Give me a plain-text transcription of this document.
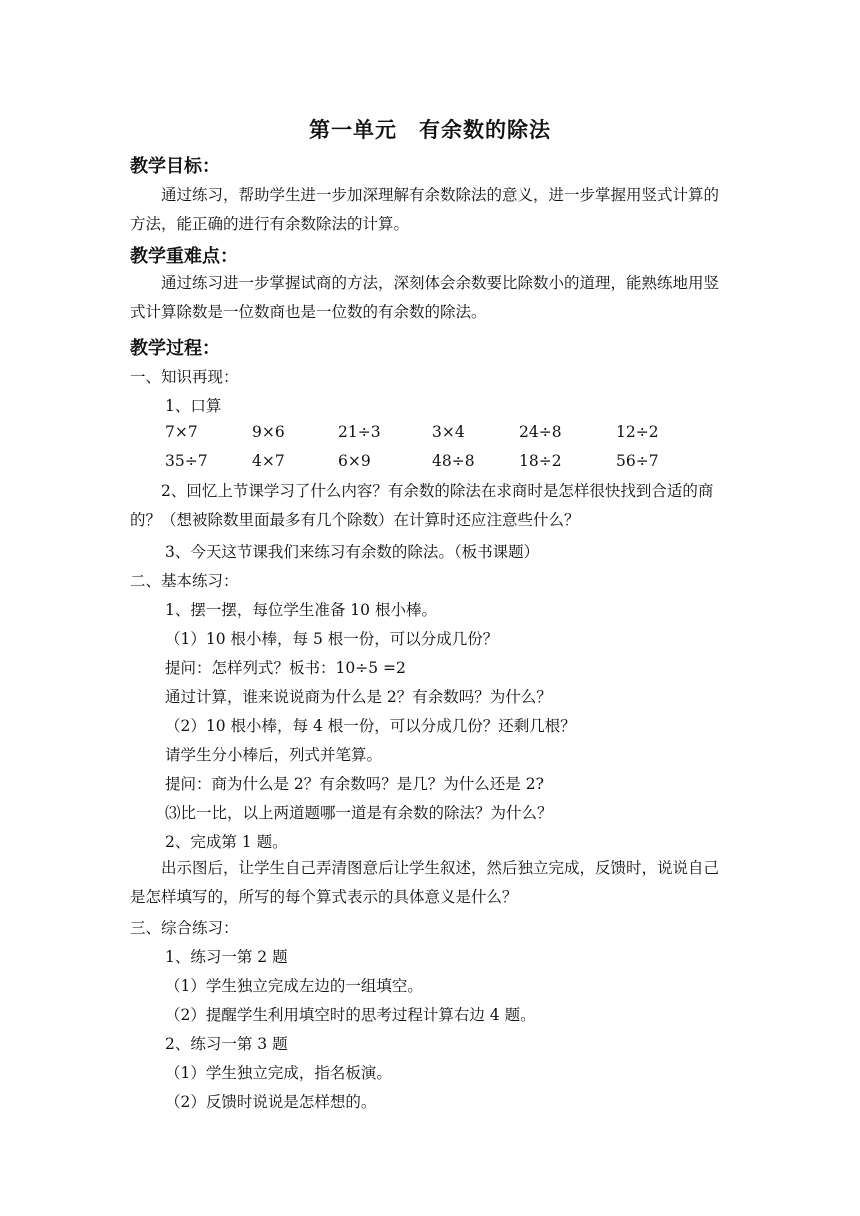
第一单元　有余数的除法
教学目标：
通过练习，帮助学生进一步加深理解有余数除法的意义，进一步掌握用竖式计算的方法，能正确的进行有余数除法的计算。
教学重难点：
通过练习进一步掌握试商的方法，深刻体会余数要比除数小的道理，能熟练地用竖式计算除数是一位数商也是一位数的有余数的除法。
教学过程：
一、知识再现：
1、口算
7×7	9×6	21÷3	3×4	24÷8	12÷2
35÷7	4×7	6×9	48÷8	18÷2	56÷7
2、回忆上节课学习了什么内容？有余数的除法在求商时是怎样很快找到合适的商的？（想被除数里面最多有几个除数）在计算时还应注意些什么？
3、今天这节课我们来练习有余数的除法。（板书课题）
二、基本练习：
1、摆一摆，每位学生准备 10 根小棒。
（1）10 根小棒，每 5 根一份，可以分成几份？
提问：怎样列式？板书：10÷5 =2
通过计算，谁来说说商为什么是 2？有余数吗？为什么？
（2）10 根小棒，每 4 根一份，可以分成几份？还剩几根？
请学生分小棒后，列式并笔算。
提问：商为什么是 2？有余数吗？是几？为什么还是 2?
⑶比一比，以上两道题哪一道是有余数的除法？为什么？
2、完成第 1 题。
出示图后，让学生自己弄清图意后让学生叙述，然后独立完成，反馈时，说说自己是怎样填写的，所写的每个算式表示的具体意义是什么？
三、综合练习：
1、练习一第 2 题
（1）学生独立完成左边的一组填空。
（2）提醒学生利用填空时的思考过程计算右边 4 题。
2、练习一第 3 题
（1）学生独立完成，指名板演。
（2）反馈时说说是怎样想的。
